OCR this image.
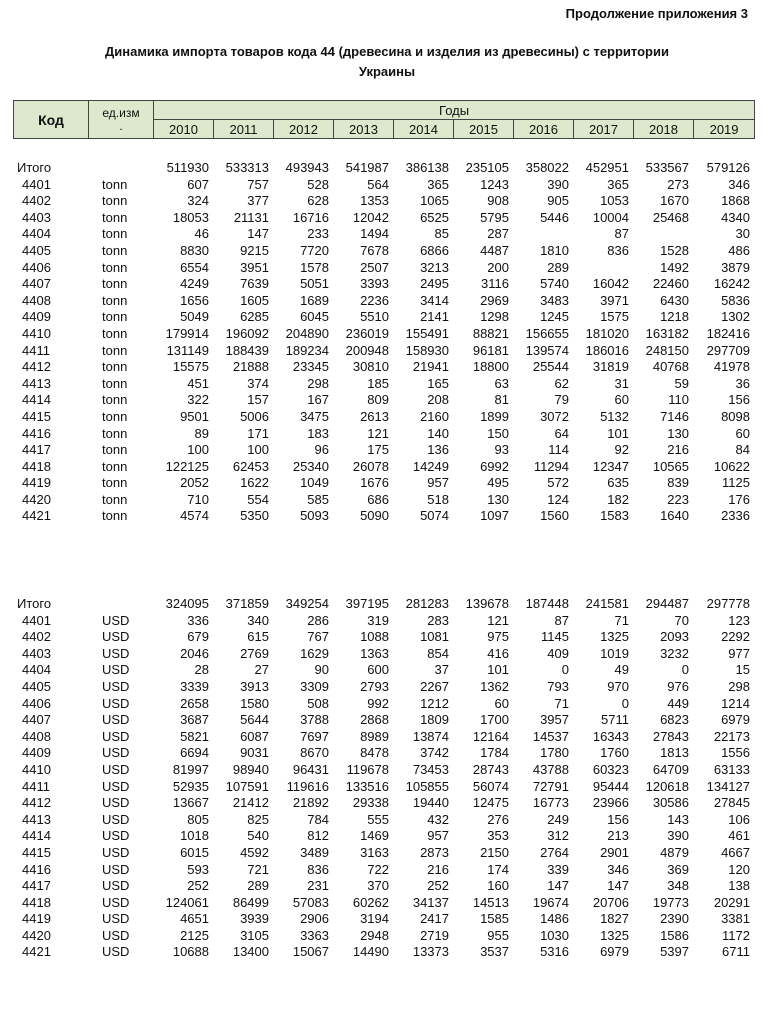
Продолжение приложения 3
Динамика импорта товаров кода 44 (древесина и изделия из древесины) с территории
Украины
Код	ед.изм
.	Годы									
		2010	2011	2012	2013	2014	2015	2016	2017	2018	2019
Итого		511930	533313	493943	541987	386138	235105	358022	452951	533567	579126
4401	tonn	607	757	528	564	365	1243	390	365	273	346
4402	tonn	324	377	628	1353	1065	908	905	1053	1670	1868
4403	tonn	18053	21131	16716	12042	6525	5795	5446	10004	25468	4340
4404	tonn	46	147	233	1494	85	287		87		30
4405	tonn	8830	9215	7720	7678	6866	4487	1810	836	1528	486
4406	tonn	6554	3951	1578	2507	3213	200	289		1492	3879
4407	tonn	4249	7639	5051	3393	2495	3116	5740	16042	22460	16242
4408	tonn	1656	1605	1689	2236	3414	2969	3483	3971	6430	5836
4409	tonn	5049	6285	6045	5510	2141	1298	1245	1575	1218	1302
4410	tonn	179914	196092	204890	236019	155491	88821	156655	181020	163182	182416
4411	tonn	131149	188439	189234	200948	158930	96181	139574	186016	248150	297709
4412	tonn	15575	21888	23345	30810	21941	18800	25544	31819	40768	41978
4413	tonn	451	374	298	185	165	63	62	31	59	36
4414	tonn	322	157	167	809	208	81	79	60	110	156
4415	tonn	9501	5006	3475	2613	2160	1899	3072	5132	7146	8098
4416	tonn	89	171	183	121	140	150	64	101	130	60
4417	tonn	100	100	96	175	136	93	114	92	216	84
4418	tonn	122125	62453	25340	26078	14249	6992	11294	12347	10565	10622
4419	tonn	2052	1622	1049	1676	957	495	572	635	839	1125
4420	tonn	710	554	585	686	518	130	124	182	223	176
4421	tonn	4574	5350	5093	5090	5074	1097	1560	1583	1640	2336
Итого		324095	371859	349254	397195	281283	139678	187448	241581	294487	297778
4401	USD	336	340	286	319	283	121	87	71	70	123
4402	USD	679	615	767	1088	1081	975	1145	1325	2093	2292
4403	USD	2046	2769	1629	1363	854	416	409	1019	3232	977
4404	USD	28	27	90	600	37	101	0	49	0	15
4405	USD	3339	3913	3309	2793	2267	1362	793	970	976	298
4406	USD	2658	1580	508	992	1212	60	71	0	449	1214
4407	USD	3687	5644	3788	2868	1809	1700	3957	5711	6823	6979
4408	USD	5821	6087	7697	8989	13874	12164	14537	16343	27843	22173
4409	USD	6694	9031	8670	8478	3742	1784	1780	1760	1813	1556
4410	USD	81997	98940	96431	119678	73453	28743	43788	60323	64709	63133
4411	USD	52935	107591	119616	133516	105855	56074	72791	95444	120618	134127
4412	USD	13667	21412	21892	29338	19440	12475	16773	23966	30586	27845
4413	USD	805	825	784	555	432	276	249	156	143	106
4414	USD	1018	540	812	1469	957	353	312	213	390	461
4415	USD	6015	4592	3489	3163	2873	2150	2764	2901	4879	4667
4416	USD	593	721	836	722	216	174	339	346	369	120
4417	USD	252	289	231	370	252	160	147	147	348	138
4418	USD	124061	86499	57083	60262	34137	14513	19674	20706	19773	20291
4419	USD	4651	3939	2906	3194	2417	1585	1486	1827	2390	3381
4420	USD	2125	3105	3363	2948	2719	955	1030	1325	1586	1172
4421	USD	10688	13400	15067	14490	13373	3537	5316	6979	5397	6711
